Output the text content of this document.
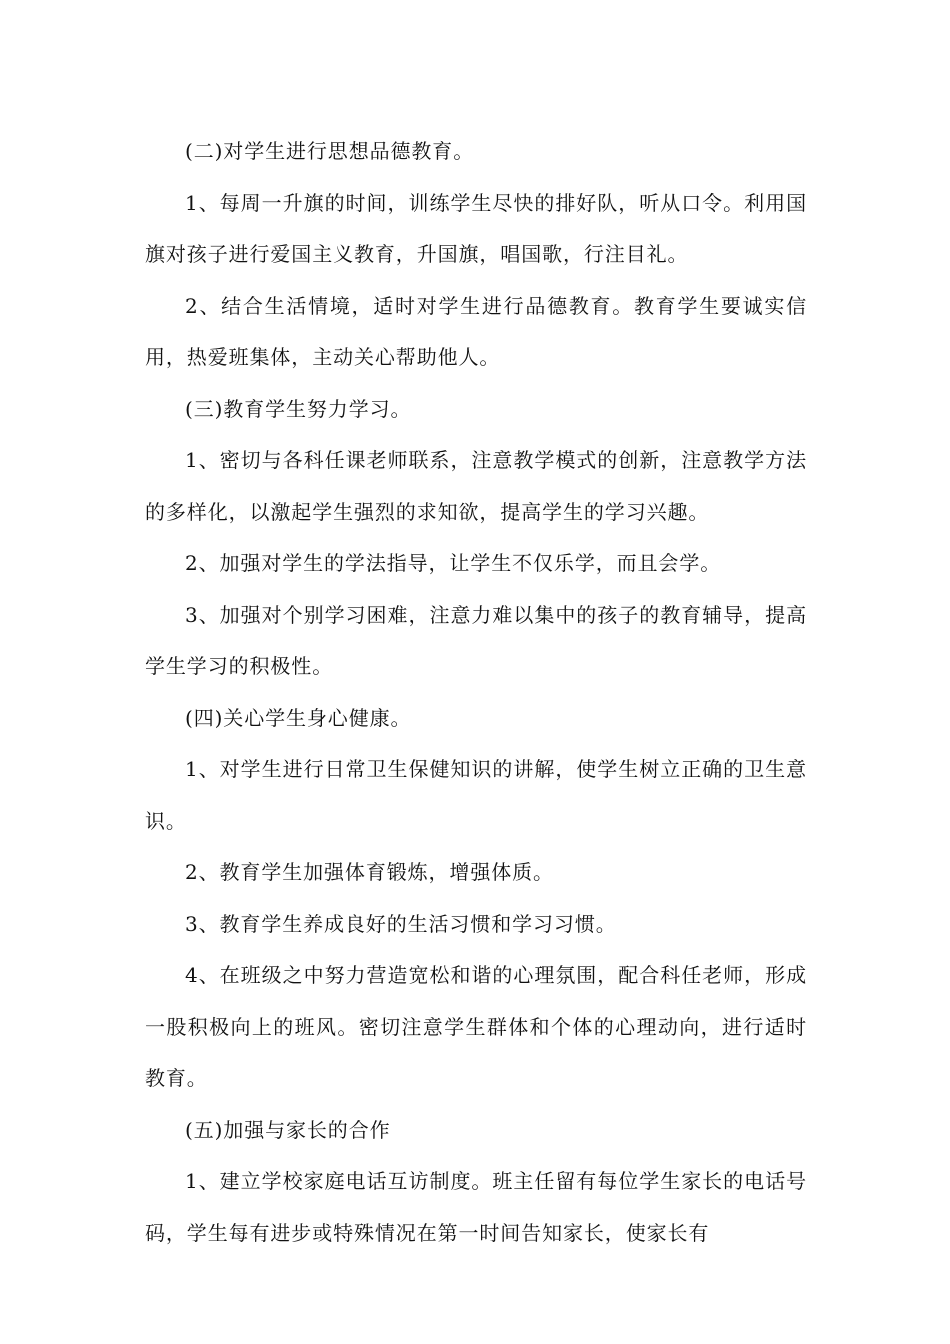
(二)对学生进行思想品德教育。

1、每周一升旗的时间，训练学生尽快的排好队，听从口令。利用国旗对孩子进行爱国主义教育，升国旗，唱国歌，行注目礼。

2、结合生活情境，适时对学生进行品德教育。教育学生要诚实信用，热爱班集体，主动关心帮助他人。

(三)教育学生努力学习。

1、密切与各科任课老师联系，注意教学模式的创新，注意教学方法的多样化，以激起学生强烈的求知欲，提高学生的学习兴趣。

2、加强对学生的学法指导，让学生不仅乐学，而且会学。

3、加强对个别学习困难，注意力难以集中的孩子的教育辅导，提高学生学习的积极性。

(四)关心学生身心健康。

1、对学生进行日常卫生保健知识的讲解，使学生树立正确的卫生意识。

2、教育学生加强体育锻炼，增强体质。

3、教育学生养成良好的生活习惯和学习习惯。

4、在班级之中努力营造宽松和谐的心理氛围，配合科任老师，形成一股积极向上的班风。密切注意学生群体和个体的心理动向，进行适时教育。

(五)加强与家长的合作

1、建立学校家庭电话互访制度。班主任留有每位学生家长的电话号码，学生每有进步或特殊情况在第一时间告知家长，使家长有
